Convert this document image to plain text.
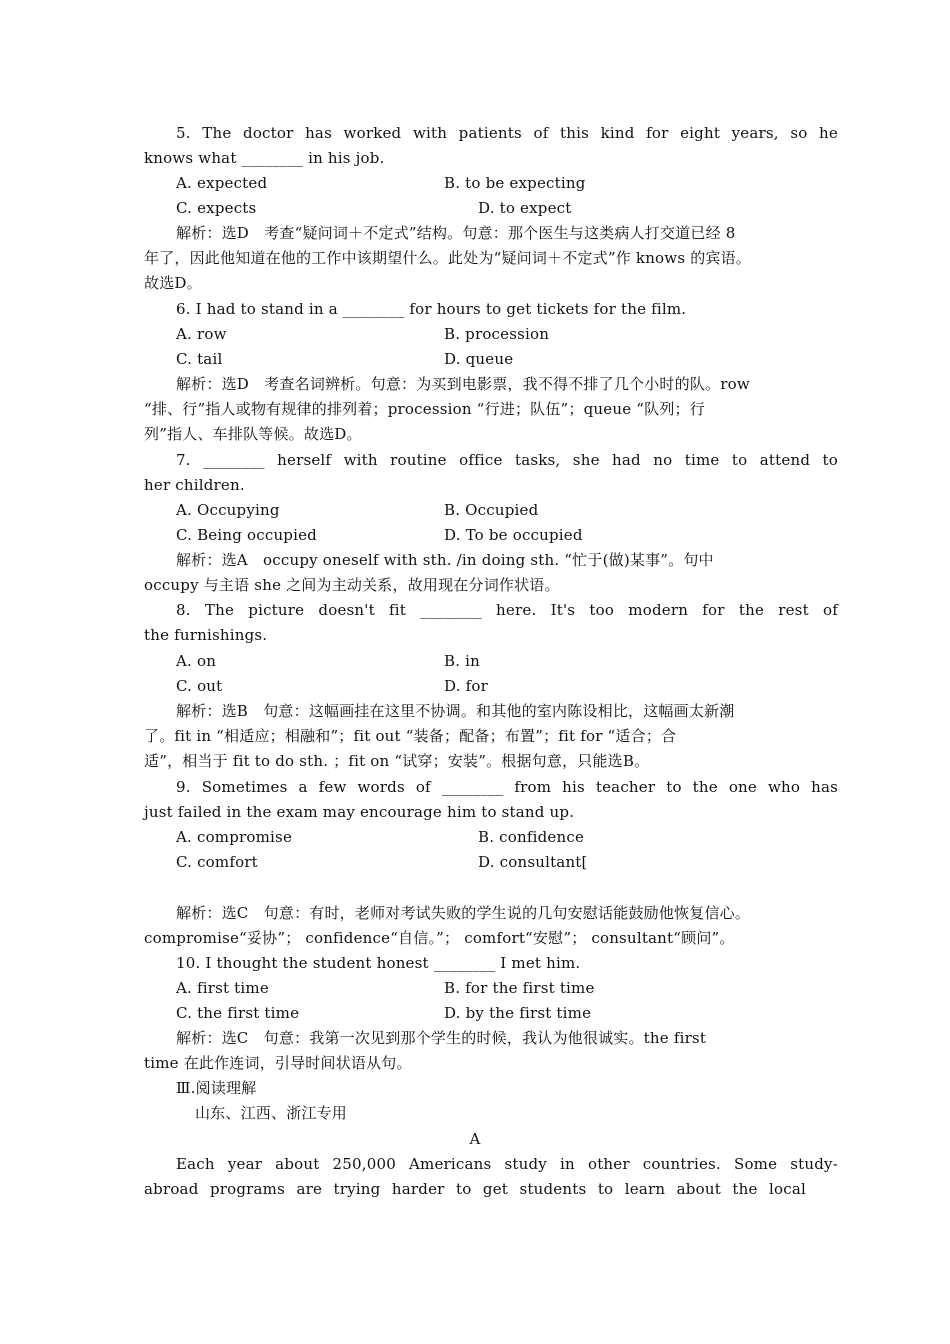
5. The doctor has worked with patients of this kind for eight years, so he
knows what ________ in his job.
A. expected	B. to be expecting
C. expects	D. to expect
解析：选D　考查“疑问词＋不定式”结构。句意：那个医生与这类病人打交道已经 8
年了，因此他知道在他的工作中该期望什么。此处为“疑问词＋不定式”作 knows 的宾语。
故选D。
6. I had to stand in a ________ for hours to get tickets for the film.
A. row	B. procession
C. tail	D. queue
解析：选D　考查名词辨析。句意：为买到电影票，我不得不排了几个小时的队。row
“排、行”指人或物有规律的排列着；procession “行进；队伍”；queue “队列；行
列”指人、车排队等候。故选D。
7. ________ herself with routine office tasks, she had no time to attend to
her children.
A. Occupying	B. Occupied
C. Being occupied	D. To be occupied
解析：选A　occupy oneself with sth. /in doing sth. “忙于(做)某事”。句中
occupy 与主语 she 之间为主动关系，故用现在分词作状语。
8. The picture doesn't fit ________ here. It's too modern for the rest of
the furnishings.
A. on	B. in
C. out	D. for
解析：选B　句意：这幅画挂在这里不协调。和其他的室内陈设相比，这幅画太新潮
了。fit in “相适应；相融和”；fit out “装备；配备；布置”；fit for “适合；合
适”，相当于 fit to do sth. ；fit on “试穿；安装”。根据句意，只能选B。
9. Sometimes a few words of ________ from his teacher to the one who has
just failed in the exam may encourage him to stand up.
A. compromise	B. confidence
C. comfort	D. consultant[
解析：选C　句意：有时，老师对考试失败的学生说的几句安慰话能鼓励他恢复信心。
compromise“妥协”； confidence“自信。”； comfort“安慰”； consultant“顾问”。
10. I thought the student honest ________ I met him.
A. first time	B. for the first time
C. the first time	D. by the first time
解析：选C　句意：我第一次见到那个学生的时候，我认为他很诚实。the first
time 在此作连词，引导时间状语从句。
Ⅲ.阅读理解
山东、江西、浙江专用
A
Each year about 250,000 Americans study in other countries. Some study-
abroad programs are trying harder to get students to learn about the local
